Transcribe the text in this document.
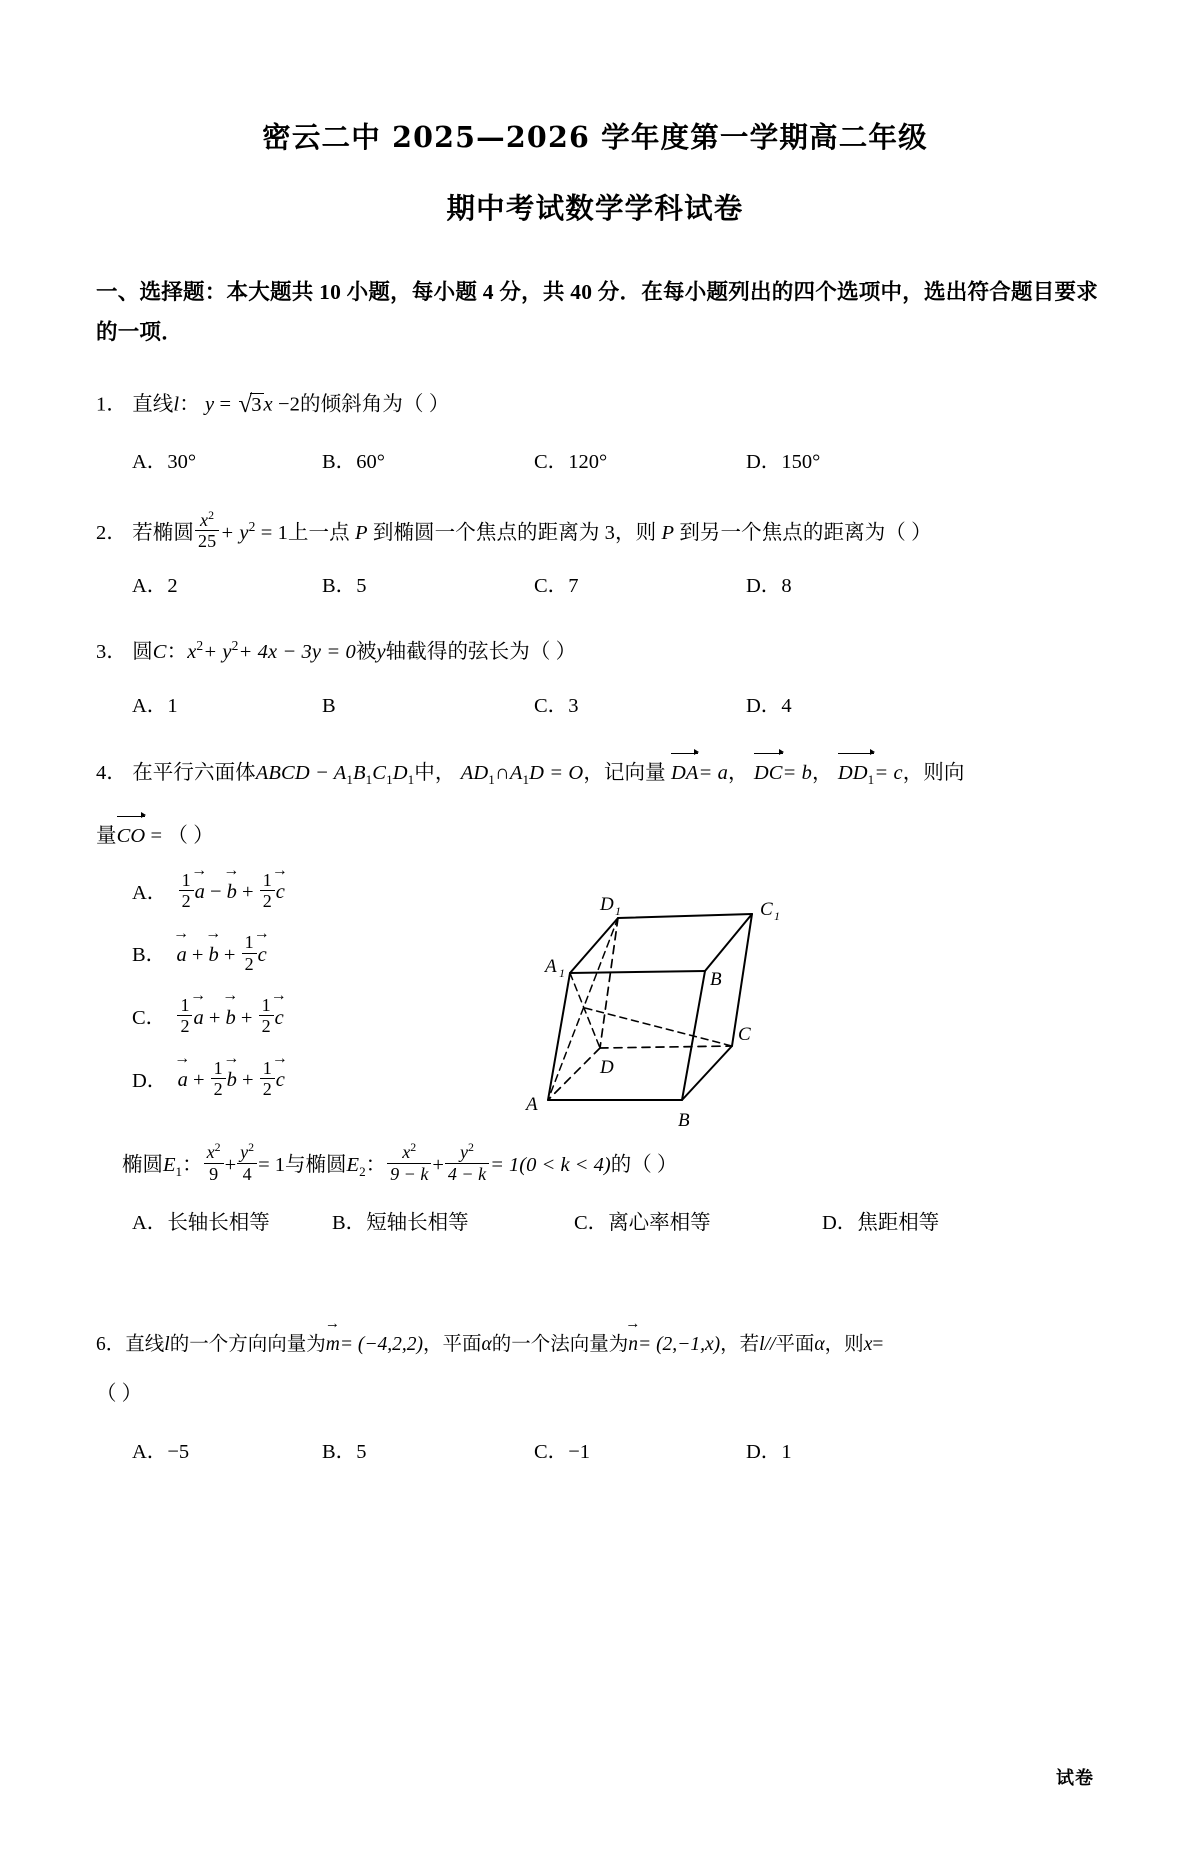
密云二中 2025—2026 学年度第一学期高二年级
期中考试数学学科试卷
一、选择题：本大题共 10 小题，每小题 4 分，共 40 分．在每小题列出的四个选项中，选出符合题目要求的一项．
1． 直线l： y = √3x −2的倾斜角为（ ）
A．30°	B．60°	C．120°	D．150°
2． 若椭圆 $\frac{x^2}{25} + y^2 = 1$上一点 P 到椭圆一个焦点的距离为 3，则 P 到另一个焦点的距离为（ ）
A．2	B．5	C．7	D．8
3． 圆C：$x^2+ y^2+ 4x - 3y = 0$被y轴截得的弦长为（ ）
A．1	B	C．3	D．4
4． 在平行六面体ABCD − $A_1B_1C_1D_1$中， $AD_1\cap A_1D = O$，记向量 DA= a， DC= b， $DD_1= c$，则向
量CO = （ ）
A． $\frac{1}{2}$ a → − b → + $\frac{1}{2}$ c →
B． a → + b → + $\frac{1}{2}$ c →
C． $\frac{1}{2}$ a → + b → + $\frac{1}{2}$ c →
D． a → + $\frac{1}{2}$ b → + $\frac{1}{2}$ c →
D 1	C 1
A 1	B
D
C
A
B
椭圆$E_1$： $\frac{x^2}{9} + \frac{y^2}{4} = 1$与椭圆$E_2$： $\frac{x^2}{9 - k} + \frac{y^2}{4 - k} = 1(0 < k < 4)$的（ ）
A．长轴长相等	B．短轴长相等	C．离心率相等	D．焦距相等
6．直线l的一个方向向量为m →= (−4,2,2)，平面α的一个法向量为n →= (2,−1,x)，若l//平面α，则x=
（ ）
A．−5	B．5	C．−1	D．1
试卷
